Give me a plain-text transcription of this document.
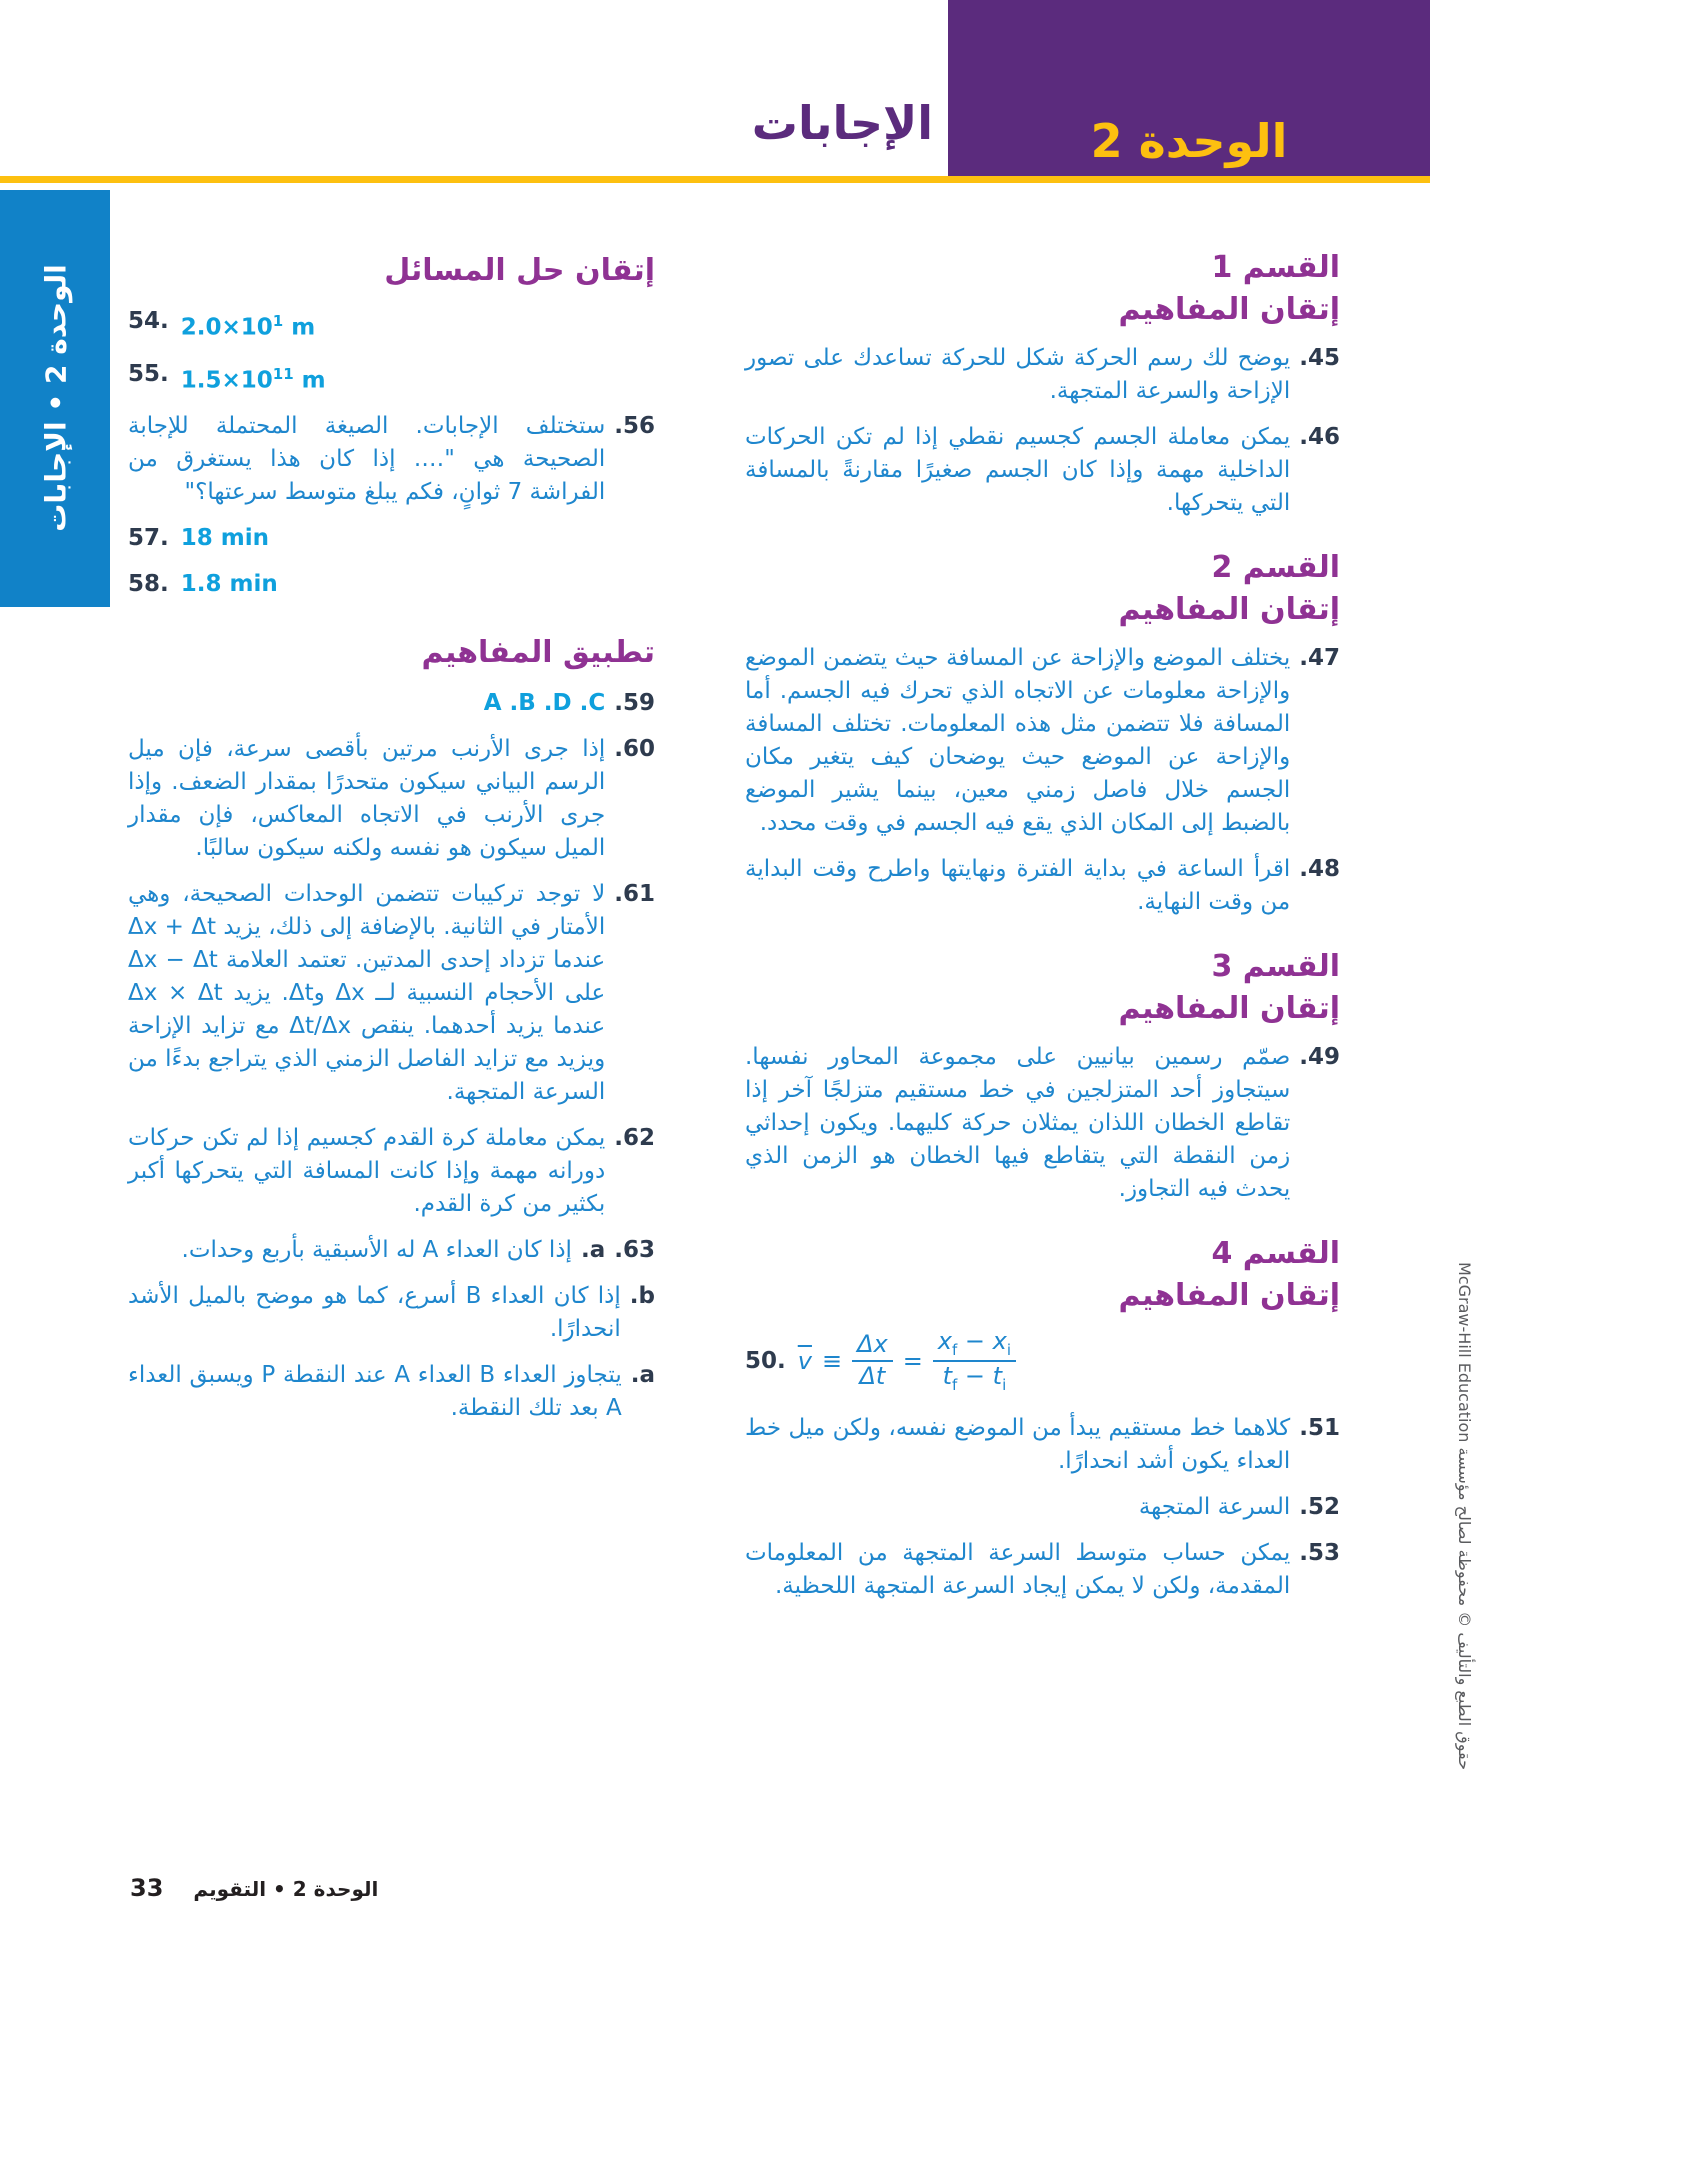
الوحدة 2
الإجابات
الوحدة 2 • الإجابات	القسم 1
إتقان المفاهيم
45.
يوضح لك رسم الحركة شكل للحركة تساعدك على تصور الإزاحة والسرعة المتجهة.
46.
يمكن معاملة الجسم كجسيم نقطي إذا لم تكن الحركات الداخلية مهمة وإذا كان الجسم صغيرًا مقارنةً بالمسافة التي يتحركها.
القسم 2
إتقان المفاهيم
47.
يختلف الموضع والإزاحة عن المسافة حيث يتضمن الموضع والإزاحة معلومات عن الاتجاه الذي تحرك فيه الجسم. أما المسافة فلا تتضمن مثل هذه المعلومات. تختلف المسافة والإزاحة عن الموضع حيث يوضحان كيف يتغير مكان الجسم خلال فاصل زمني معين، بينما يشير الموضع بالضبط إلى المكان الذي يقع فيه الجسم في وقت محدد.
48.
اقرأ الساعة في بداية الفترة ونهايتها واطرح وقت البداية من وقت النهاية.
القسم 3
إتقان المفاهيم
49.
صمّم رسمين بيانيين على مجموعة المحاور نفسها. سيتجاوز أحد المتزلجين في خط مستقيم متزلجًا آخر إذا تقاطع الخطان اللذان يمثلان حركة كليهما. ويكون إحداثي زمن النقطة التي يتقاطع فيها الخطان هو الزمن الذي يحدث فيه التجاوز.
القسم 4
إتقان المفاهيم
50. $\overline{v} \equiv \frac{\Delta x}{\Delta t} = \frac{x_f - x_i}{t_f - t_i}$
51.
كلاهما خط مستقيم يبدأ من الموضع نفسه، ولكن ميل خط العداء يكون أشد انحدارًا.
52.
السرعة المتجهة
53.
يمكن حساب متوسط السرعة المتجهة من المعلومات المقدمة، ولكن لا يمكن إيجاد السرعة المتجهة اللحظية.
إتقان حل المسائل
54. $2.0\times 10^1$ m
55. $1.5\times 10^{11}$ m
56.
ستختلف الإجابات. الصيغة المحتملة للإجابة الصحيحة هي "…. إذا كان هذا يستغرق من الفراشة 7 ثوانٍ، فكم يبلغ متوسط سرعتها؟"
57. 18 min
58. 1.8 min
تطبيق المفاهيم
59.
A .B .D .C
60.
إذا جرى الأرنب مرتين بأقصى سرعة، فإن ميل الرسم البياني سيكون متحدرًا بمقدار الضعف. وإذا جرى الأرنب في الاتجاه المعاكس، فإن مقدار الميل سيكون هو نفسه ولكنه سيكون سالبًا.
61.
لا توجد تركيبات تتضمن الوحدات الصحيحة، وهي الأمتار في الثانية. بالإضافة إلى ذلك، يزيد Δx + Δt عندما تزداد إحدى المدتين. تعتمد العلامة Δx − Δt على الأحجام النسبية لــ Δx وΔt. يزيد Δx × Δt عندما يزيد أحدهما. ينقص Δt/Δx مع تزايد الإزاحة ويزيد مع تزايد الفاصل الزمني الذي يتراجع بدءًا من السرعة المتجهة.
62.
يمكن معاملة كرة القدم كجسيم إذا لم تكن حركات دورانه مهمة وإذا كانت المسافة التي يتحركها أكبر بكثير من كرة القدم.
63.
a.
إذا كان العداء A له الأسبقية بأربع وحدات.
b.
إذا كان العداء B أسرع، كما هو موضح بالميل الأشد انحدارًا.
a.
يتجاوز العداء B العداء A عند النقطة P ويسبق العداء A بعد تلك النقطة.
33 الوحدة 2 • التقويم
حقوق الطبع والتأليف © محفوظة لصالح مؤسسة McGraw-Hill Education
